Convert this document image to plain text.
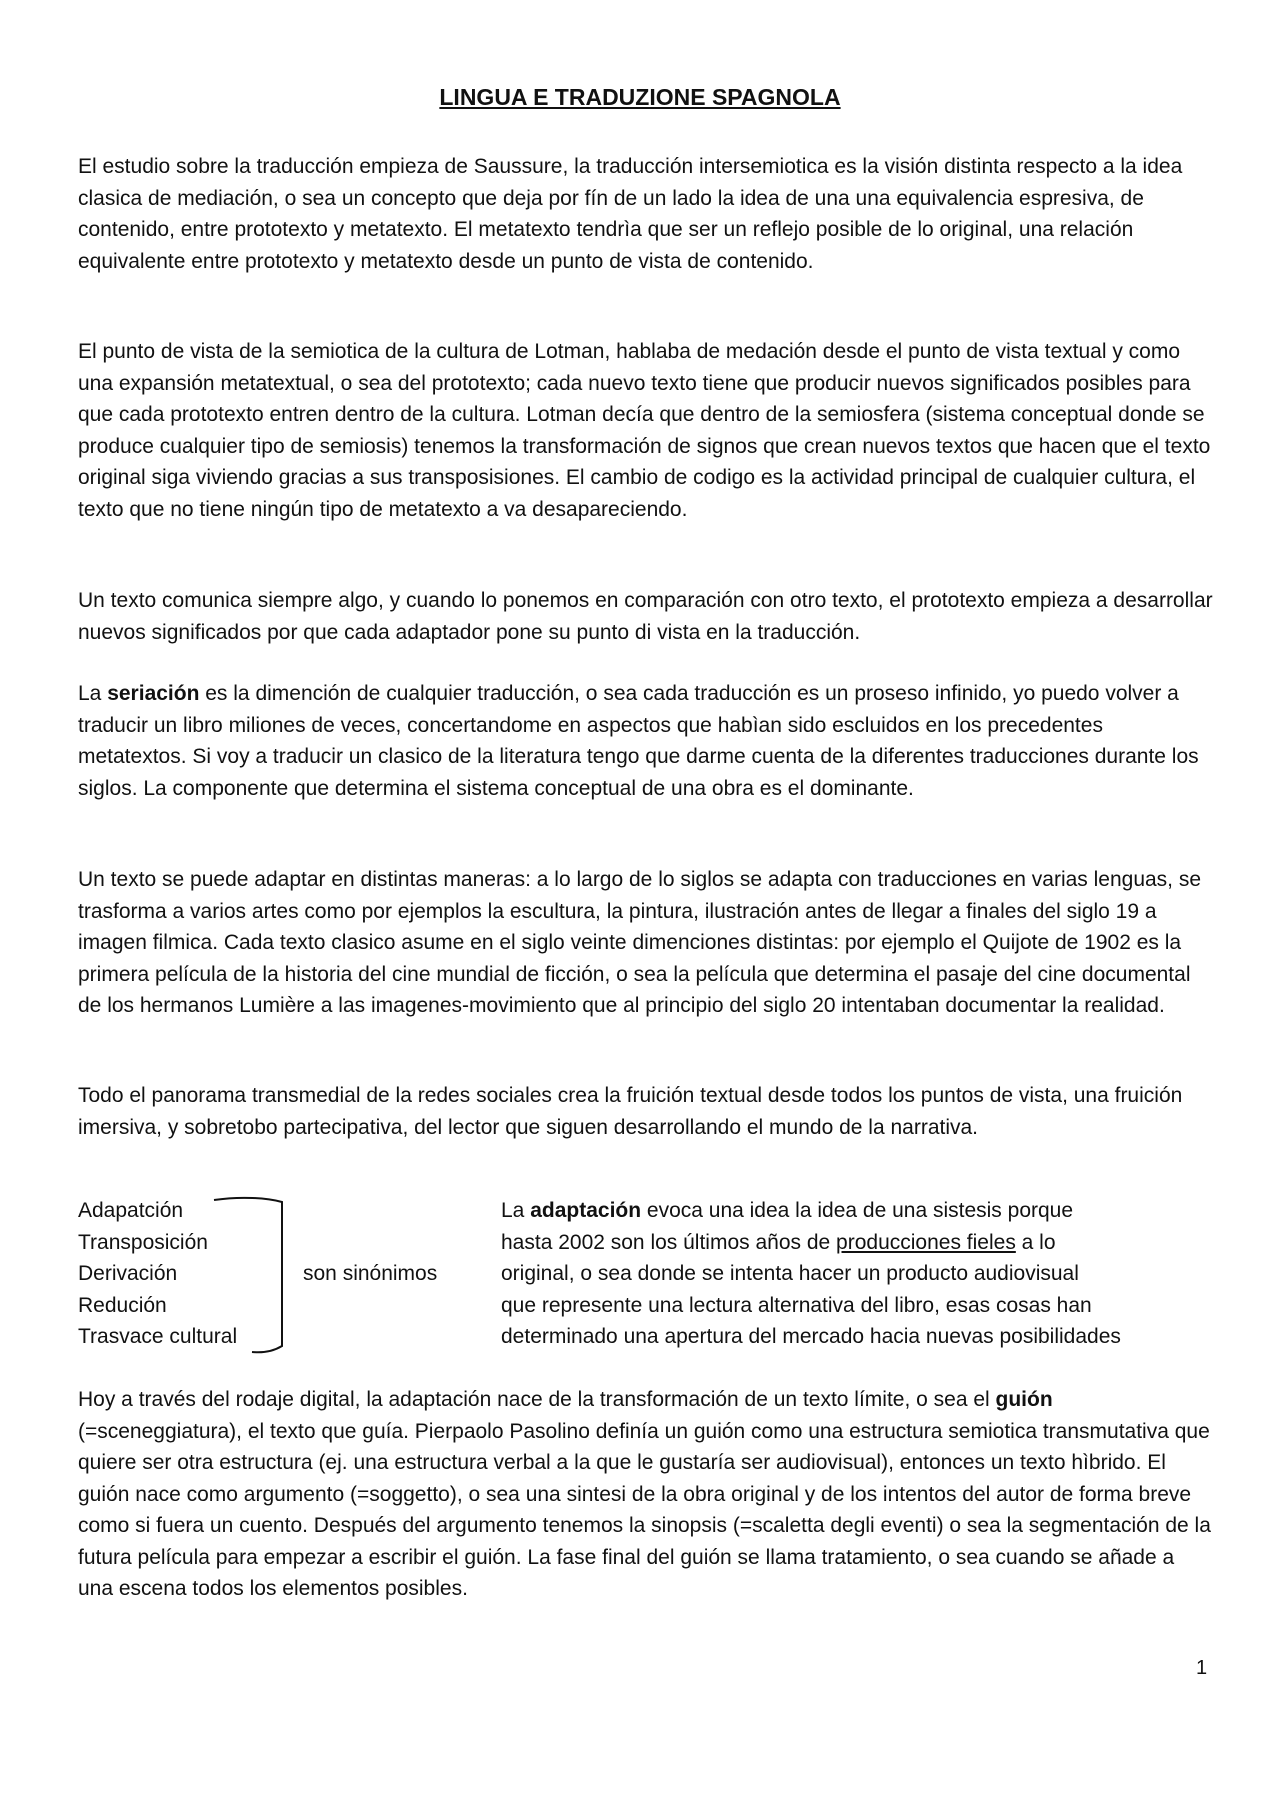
LINGUA E TRADUZIONE SPAGNOLA

El estudio sobre la traducción empieza de Saussure, la traducción intersemiotica es la visión distinta respecto a la idea clasica de mediación, o sea un concepto que deja por fín de un lado la idea de una una equivalencia espresiva, de contenido, entre prototexto y metatexto. El metatexto tendrìa que ser un reflejo posible de lo original, una relación equivalente entre prototexto y metatexto desde un punto de vista de contenido.

El punto de vista de la semiotica de la cultura de Lotman, hablaba de medación desde el punto de vista textual y como una expansión metatextual, o sea del prototexto; cada nuevo texto tiene que producir nuevos significados posibles para que cada prototexto entren dentro de la cultura. Lotman decía que dentro de la semiosfera (sistema conceptual donde se produce cualquier tipo de semiosis) tenemos la transformación de signos que crean nuevos textos que hacen que el texto original siga viviendo gracias a sus transposisiones. El cambio de codigo es la actividad principal de cualquier cultura, el texto que no tiene ningún tipo de metatexto a va desapareciendo.

Un texto comunica siempre algo, y cuando lo ponemos en comparación con otro texto, el prototexto empieza a desarrollar nuevos significados por que cada adaptador pone su punto di vista en la traducción.

La seriación es la dimención de cualquier traducción, o sea cada traducción es un proseso infinido, yo puedo volver a traducir un libro miliones de veces, concertandome en aspectos que habìan sido escluidos en los precedentes metatextos. Si voy a traducir un clasico de la literatura tengo que darme cuenta de la diferentes traducciones durante los siglos. La componente que determina el sistema conceptual de una obra es el dominante.

Un texto se puede adaptar en distintas maneras: a lo largo de lo siglos se adapta con traducciones en varias lenguas, se trasforma a varios artes como por ejemplos la escultura, la pintura, ilustración antes de llegar a finales del siglo 19 a imagen filmica. Cada texto clasico asume en el siglo veinte dimenciones distintas: por ejemplo el Quijote de 1902 es la primera película de la historia del cine mundial de ficción, o sea la película que determina el pasaje del cine documental de los hermanos Lumière a las imagenes-movimiento que al principio del siglo 20 intentaban documentar la realidad.

Todo el panorama transmedial de la redes sociales crea la fruición textual desde todos los puntos de vista, una fruición imersiva, y sobretobo partecipativa, del lector que siguen desarrollando el mundo de la narrativa.

Adapatción
Transposición
Derivación
Redución
Trasvace cultural
son sinónimos
La adaptación evoca una idea la idea de una sistesis porque
hasta 2002 son los últimos años de producciones fieles a lo
original, o sea donde se intenta hacer un producto audiovisual
que represente una lectura alternativa del libro, esas cosas han
determinado una apertura del mercado hacia nuevas posibilidades

Hoy a través del rodaje digital, la adaptación nace de la transformación de un texto límite, o sea el guión (=sceneggiatura), el texto que guía. Pierpaolo Pasolino definía un guión como una estructura semiotica transmutativa que quiere ser otra estructura (ej. una estructura verbal a la que le gustaría ser audiovisual), entonces un texto hìbrido. El guión nace como argumento (=soggetto), o sea una sintesi de la obra original y de los intentos del autor de forma breve como si fuera un cuento. Después del argumento tenemos la sinopsis (=scaletta degli eventi) o sea la segmentación de la futura película para empezar a escribir el guión. La fase final del guión se llama tratamiento, o sea cuando se añade a una escena todos los elementos posibles.

1
